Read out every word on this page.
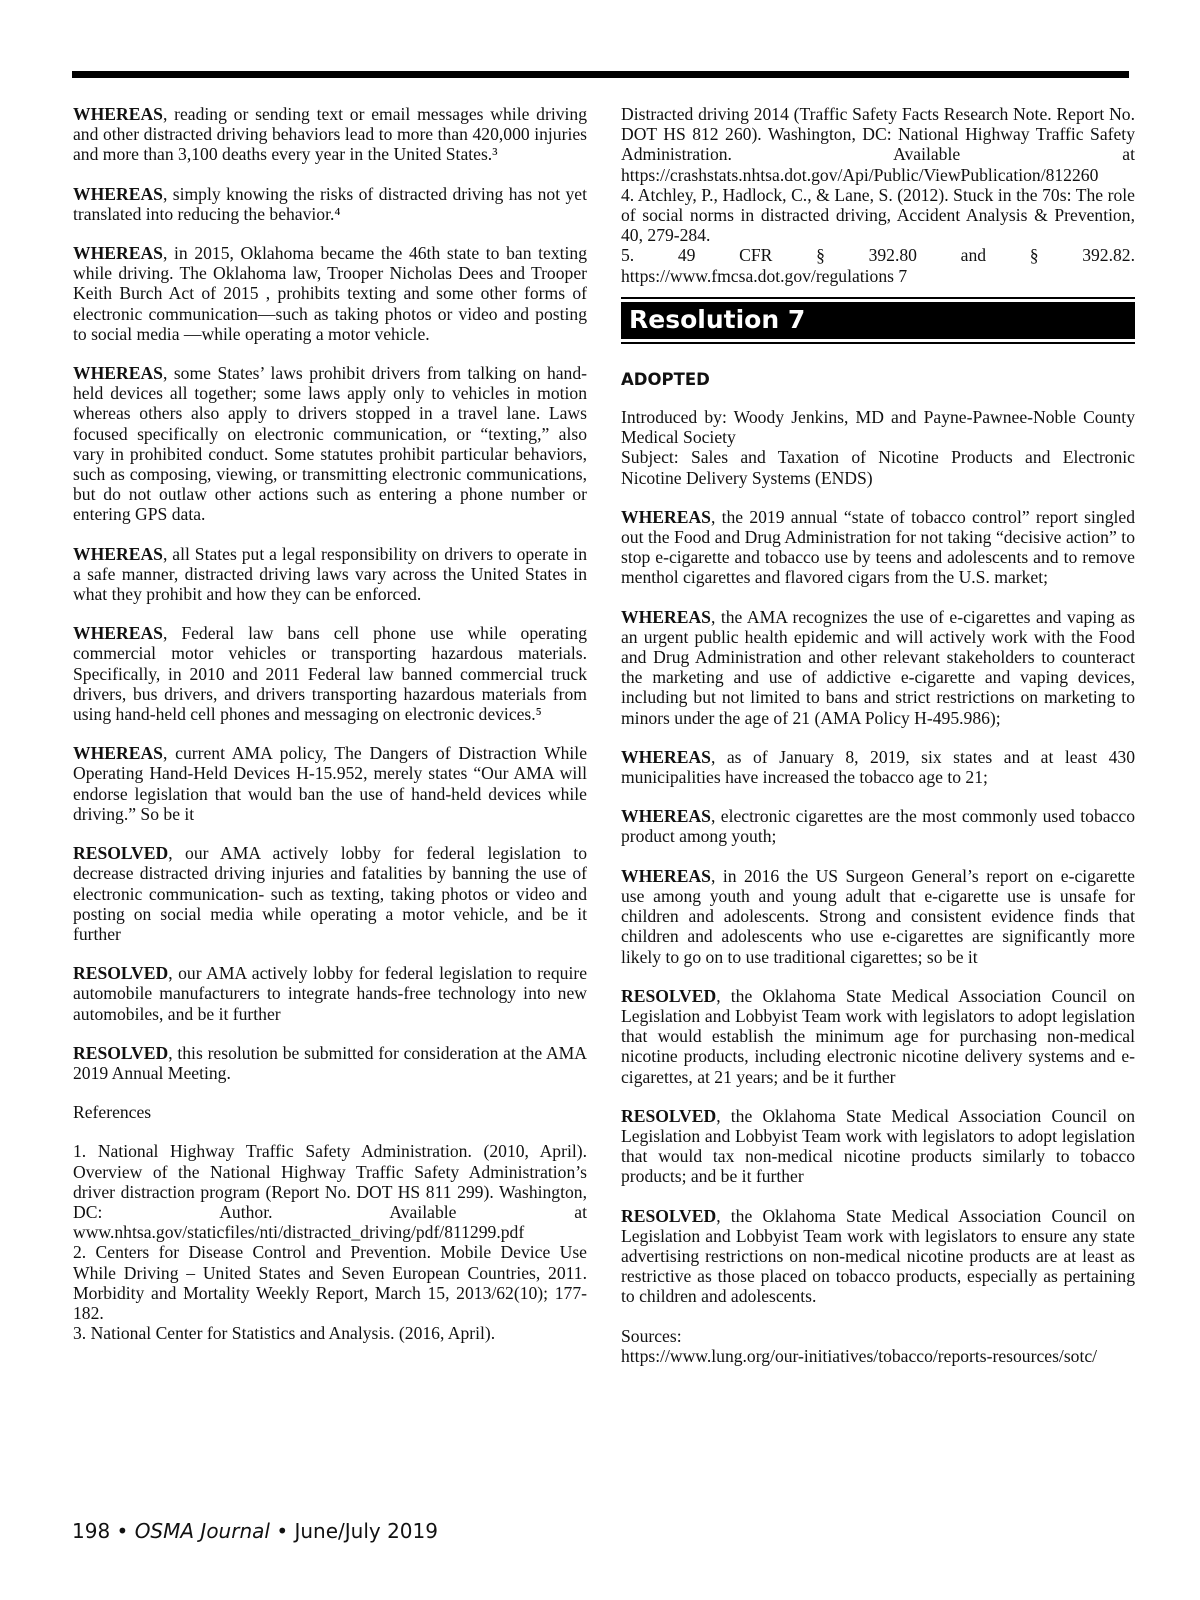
WHEREAS, reading or sending text or email messages while driving and other distracted driving behaviors lead to more than 420,000 injuries and more than 3,100 deaths every year in the United States.³

WHEREAS, simply knowing the risks of distracted driving has not yet translated into reducing the behavior.⁴

WHEREAS, in 2015, Oklahoma became the 46th state to ban texting while driving. The Oklahoma law, Trooper Nicholas Dees and Trooper Keith Burch Act of 2015 , prohibits texting and some other forms of electronic communication—such as taking photos or video and posting to social media —while operating a motor vehicle.

WHEREAS, some States’ laws prohibit drivers from talking on hand-held devices all together; some laws apply only to vehicles in motion whereas others also apply to drivers stopped in a travel lane. Laws focused specifically on electronic communication, or “texting,” also vary in prohibited conduct. Some statutes prohibit particular behaviors, such as composing, viewing, or transmitting electronic communications, but do not outlaw other actions such as entering a phone number or entering GPS data.

WHEREAS, all States put a legal responsibility on drivers to operate in a safe manner, distracted driving laws vary across the United States in what they prohibit and how they can be enforced.

WHEREAS, Federal law bans cell phone use while operating commercial motor vehicles or transporting hazardous materials. Specifically, in 2010 and 2011 Federal law banned commercial truck drivers, bus drivers, and drivers transporting hazardous materials from using hand-held cell phones and messaging on electronic devices.⁵

WHEREAS, current AMA policy, The Dangers of Distraction While Operating Hand-Held Devices H-15.952, merely states “Our AMA will endorse legislation that would ban the use of hand-held devices while driving.” So be it

RESOLVED, our AMA actively lobby for federal legislation to decrease distracted driving injuries and fatalities by banning the use of electronic communication- such as texting, taking photos or video and posting on social media while operating a motor vehicle, and be it further

RESOLVED, our AMA actively lobby for federal legislation to require automobile manufacturers to integrate hands-free technology into new automobiles, and be it further

RESOLVED, this resolution be submitted for consideration at the AMA 2019 Annual Meeting.

References

1. National Highway Traffic Safety Administration. (2010, April). Overview of the National Highway Traffic Safety Administration’s driver distraction program (Report No. DOT HS 811 299). Washington, DC: Author. Available at www.nhtsa.gov/staticfiles/nti/distracted_driving/pdf/811299.pdf

2. Centers for Disease Control and Prevention. Mobile Device Use While Driving – United States and Seven European Countries, 2011. Morbidity and Mortality Weekly Report, March 15, 2013/62(10); 177-182.

3. National Center for Statistics and Analysis. (2016, April).

Distracted driving 2014 (Traffic Safety Facts Research Note. Report No. DOT HS 812 260). Washington, DC: National Highway Traffic Safety Administration. Available at https://crashstats.nhtsa.dot.gov/Api/Public/ViewPublication/812260

4. Atchley, P., Hadlock, C., & Lane, S. (2012). Stuck in the 70s: The role of social norms in distracted driving, Accident Analysis & Prevention, 40, 279-284.

5. 49 CFR § 392.80 and § 392.82. https://www.fmcsa.dot.gov/regulations 7

Resolution 7
ADOPTED

Introduced by: Woody Jenkins, MD and Payne-Pawnee-Noble County Medical Society

Subject: Sales and Taxation of Nicotine Products and Electronic Nicotine Delivery Systems (ENDS)

WHEREAS, the 2019 annual “state of tobacco control” report singled out the Food and Drug Administration for not taking “decisive action” to stop e-cigarette and tobacco use by teens and adolescents and to remove menthol cigarettes and flavored cigars from the U.S. market;

WHEREAS, the AMA recognizes the use of e-cigarettes and vaping as an urgent public health epidemic and will actively work with the Food and Drug Administration and other relevant stakeholders to counteract the marketing and use of addictive e-cigarette and vaping devices, including but not limited to bans and strict restrictions on marketing to minors under the age of 21 (AMA Policy H-495.986);

WHEREAS, as of January 8, 2019, six states and at least 430 municipalities have increased the tobacco age to 21;

WHEREAS, electronic cigarettes are the most commonly used tobacco product among youth;

WHEREAS, in 2016 the US Surgeon General’s report on e-cigarette use among youth and young adult that e-cigarette use is unsafe for children and adolescents. Strong and consistent evidence finds that children and adolescents who use e-cigarettes are significantly more likely to go on to use traditional cigarettes; so be it

RESOLVED, the Oklahoma State Medical Association Council on Legislation and Lobbyist Team work with legislators to adopt legislation that would establish the minimum age for purchasing non-medical nicotine products, including electronic nicotine delivery systems and e-cigarettes, at 21 years; and be it further

RESOLVED, the Oklahoma State Medical Association Council on Legislation and Lobbyist Team work with legislators to adopt legislation that would tax non-medical nicotine products similarly to tobacco products; and be it further

RESOLVED, the Oklahoma State Medical Association Council on Legislation and Lobbyist Team work with legislators to ensure any state advertising restrictions on non-medical nicotine products are at least as restrictive as those placed on tobacco products, especially as pertaining to children and adolescents.

Sources:

https://www.lung.org/our-initiatives/tobacco/reports-resources/sotc/

198 • OSMA Journal • June/July 2019
